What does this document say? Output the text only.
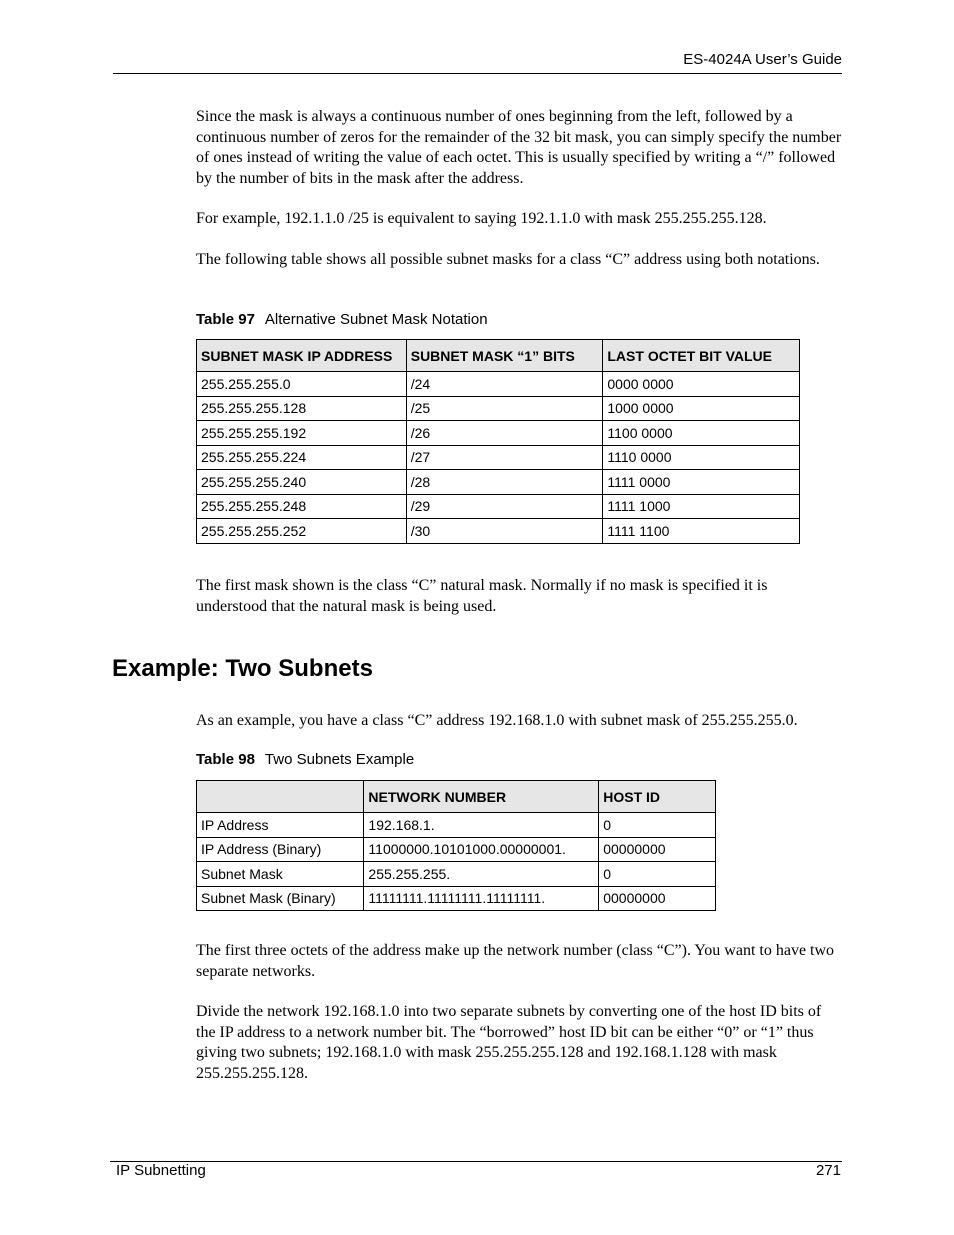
ES-4024A User’s Guide

Since the mask is always a continuous number of ones beginning from the left, followed by a continuous number of zeros for the remainder of the 32 bit mask, you can simply specify the number of ones instead of writing the value of each octet. This is usually specified by writing a “/” followed by the number of bits in the mask after the address.

For example, 192.1.1.0 /25 is equivalent to saying 192.1.1.0 with mask 255.255.255.128.

The following table shows all possible subnet masks for a class “C” address using both notations.

Table 97 Alternative Subnet Mask Notation

SUBNET MASK IP ADDRESS	SUBNET MASK “1” BITS	LAST OCTET BIT VALUE
255.255.255.0	/24	0000 0000
255.255.255.128	/25	1000 0000
255.255.255.192	/26	1100 0000
255.255.255.224	/27	1110 0000
255.255.255.240	/28	1111 0000
255.255.255.248	/29	1111 1000
255.255.255.252	/30	1111 1100

The first mask shown is the class “C” natural mask. Normally if no mask is specified it is understood that the natural mask is being used.

Example: Two Subnets

As an example, you have a class “C” address 192.168.1.0 with subnet mask of 255.255.255.0.

Table 98 Two Subnets Example

	NETWORK NUMBER	HOST ID
IP Address	192.168.1.	0
IP Address (Binary)	11000000.10101000.00000001.	00000000
Subnet Mask	255.255.255.	0
Subnet Mask (Binary)	11111111.11111111.11111111.	00000000

The first three octets of the address make up the network number (class “C”). You want to have two separate networks.

Divide the network 192.168.1.0 into two separate subnets by converting one of the host ID bits of the IP address to a network number bit. The “borrowed” host ID bit can be either “0” or “1” thus giving two subnets; 192.168.1.0 with mask 255.255.255.128 and 192.168.1.128 with mask 255.255.255.128.

IP Subnetting	271
